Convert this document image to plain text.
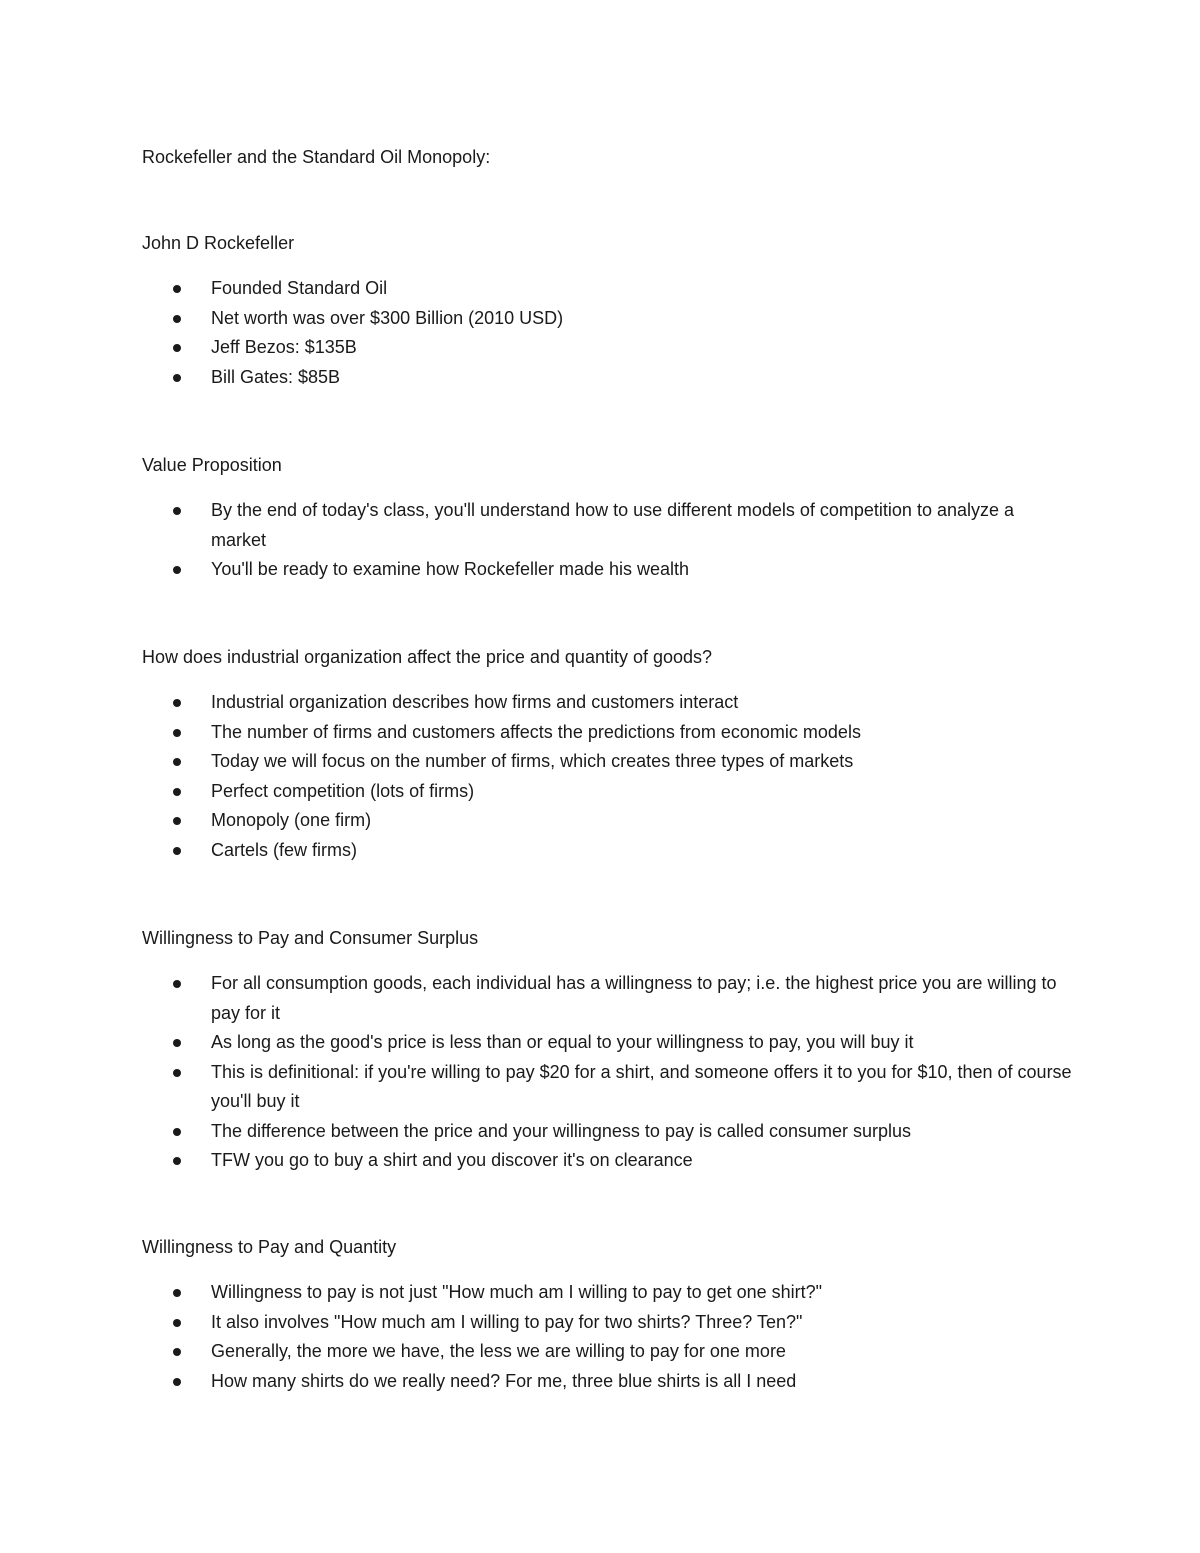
Rockefeller and the Standard Oil Monopoly:

John D Rockefeller

Founded Standard Oil
Net worth was over $300 Billion (2010 USD)
Jeff Bezos: $135B
Bill Gates: $85B

Value Proposition

By the end of today's class, you'll understand how to use different models of competition to analyze a market
You'll be ready to examine how Rockefeller made his wealth

How does industrial organization affect the price and quantity of goods?

Industrial organization describes how firms and customers interact
The number of firms and customers affects the predictions from economic models
Today we will focus on the number of firms, which creates three types of markets
Perfect competition (lots of firms)
Monopoly (one firm)
Cartels (few firms)

Willingness to Pay and Consumer Surplus

For all consumption goods, each individual has a willingness to pay; i.e. the highest price you are willing to pay for it
As long as the good's price is less than or equal to your willingness to pay, you will buy it
This is definitional: if you're willing to pay $20 for a shirt, and someone offers it to you for $10, then of course you'll buy it
The difference between the price and your willingness to pay is called consumer surplus
TFW you go to buy a shirt and you discover it's on clearance

Willingness to Pay and Quantity

Willingness to pay is not just "How much am I willing to pay to get one shirt?"
It also involves "How much am I willing to pay for two shirts? Three? Ten?"
Generally, the more we have, the less we are willing to pay for one more
How many shirts do we really need? For me, three blue shirts is all I need
